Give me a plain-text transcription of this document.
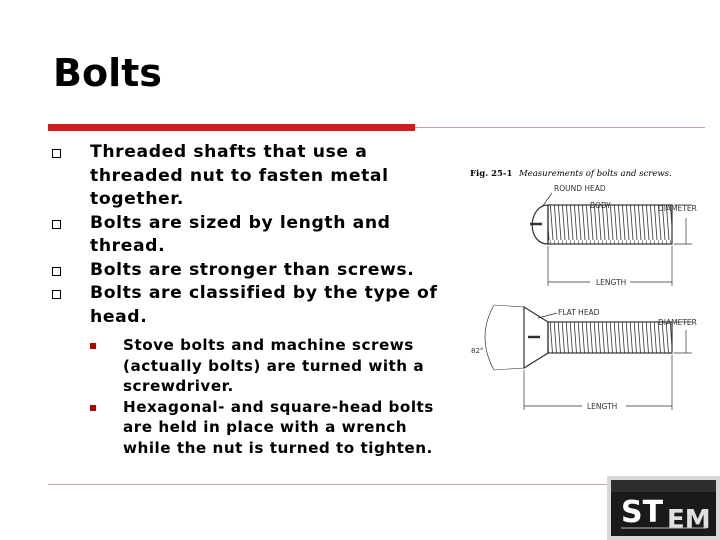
Bolts
Threaded shafts that use a threaded nut to fasten metal together.
Bolts are sized by length and thread.
Bolts are stronger than screws.
Bolts are classified by the type of head.
Stove bolts and machine screws (actually bolts) are turned with a screwdriver.
Hexagonal- and square-head bolts are held in place with a wrench while the nut is turned to tighten.
Fig. 25-1 Measurements of bolts and screws.
ROUND HEAD
BODY	DIAMETER
LENGTH
FLAT HEAD
DIAMETER
82°
LENGTH
ST EM
